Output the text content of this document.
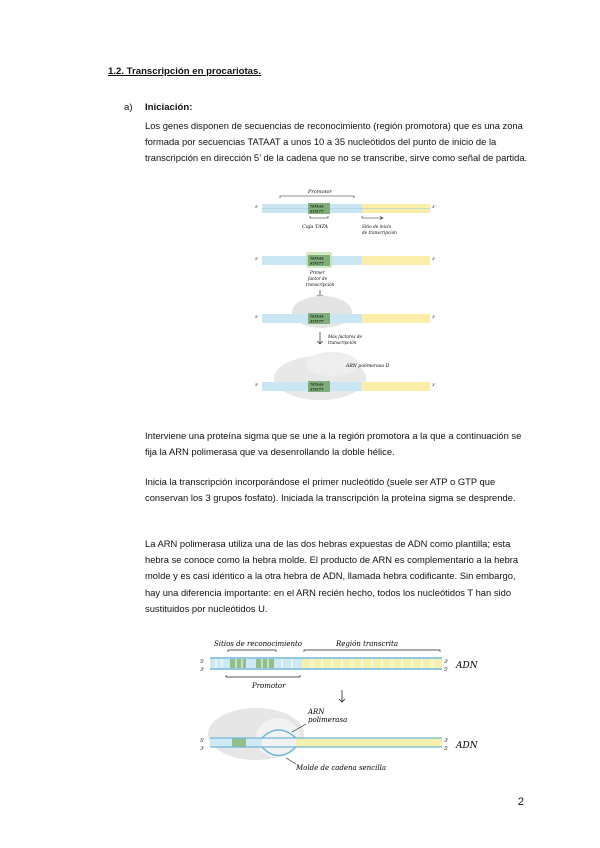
1.2. Transcripción en procariotas.
a) Iniciación:
Los genes disponen de secuencias de reconocimiento (región promotora) que es una zona formada por secuencias TATAAT a unos 10 a 35 nucleótidos del punto de inicio de la transcripción en dirección 5’ de la cadena que no se transcribe, sirve como señal de partida.
5'	3'
TATAAA
ATATTT
Promotor
Caja TATA	Sitio de inicio
de transcripción
5'	3'
TATAAA
ATATTT
Primer
factor de
transcripción
5'	3'
TATAAA
ATATTT
Más factores de
transcripción
5'	3'
TATAAA
ATATTT
ARN polimerasa II
Interviene una proteína sigma que se une a la región promotora a la que a continuación se fija la ARN polimerasa que va desenrollando la doble hélice.
Inicia la transcripción incorporándose el primer nucleótido (suele ser ATP o GTP que conservan los 3 grupos fosfato). Iniciada la transcripción la proteína sigma se desprende.
La ARN polimerasa utiliza una de las dos hebras expuestas de ADN como plantilla; esta hebra se conoce como la hebra molde. El producto de ARN es complementario a la hebra molde y es casi idéntico a la otra hebra de ADN, llamada hebra codificante. Sin embargo, hay una diferencia importante: en el ARN recién hecho, todos los nucleótidos T han sido sustituidos por nucleótidos U.
5'
3'
3'
5'
Sitios de reconocimiento	Región transcrita
Promotor
ADN
5'
3'
3'
5'
ARN
polimerasa
ADN
Molde de cadena sencilla
2
